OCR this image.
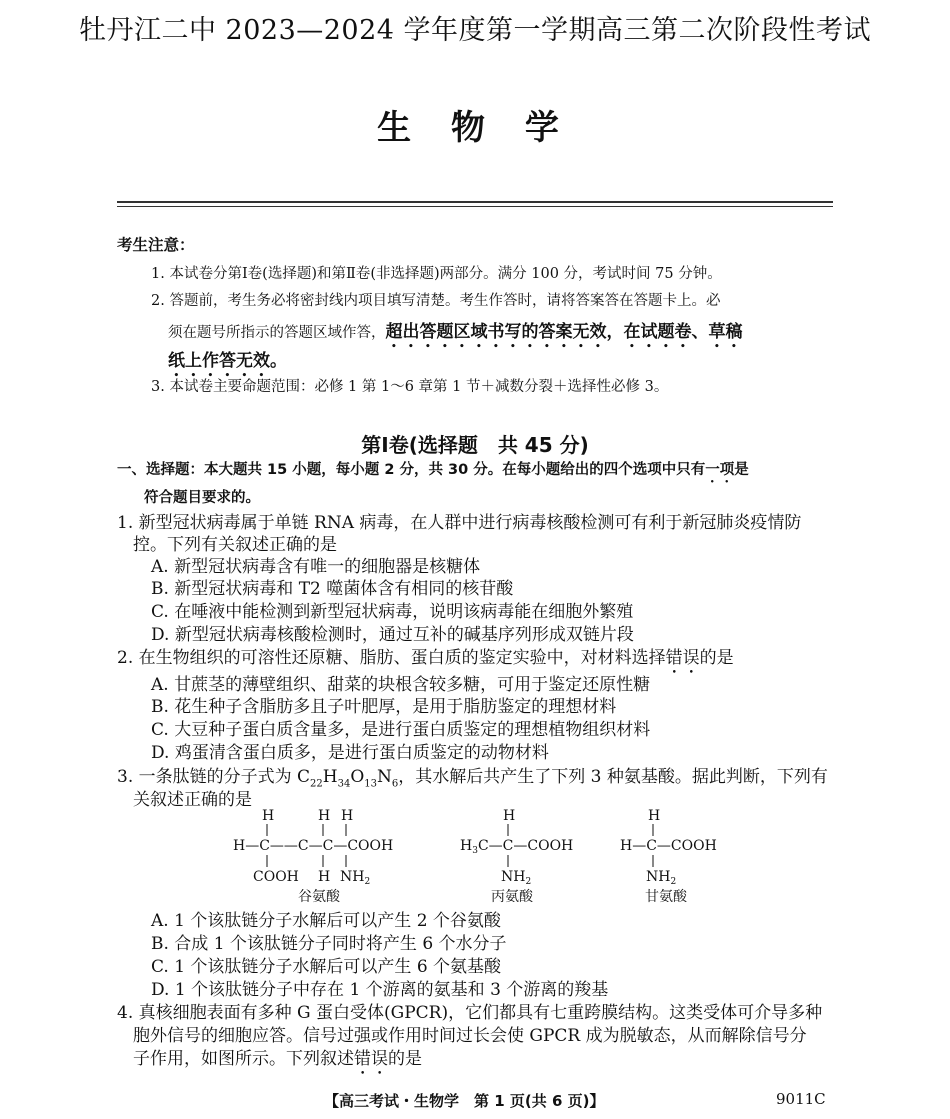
牡丹江二中 2023—2024 学年度第一学期高三第二次阶段性考试
生 物 学
考生注意：
1. 本试卷分第Ⅰ卷(选择题)和第Ⅱ卷(非选择题)两部分。满分 100 分，考试时间 75 分钟。
2. 答题前，考生务必将密封线内项目填写清楚。考生作答时，请将答案答在答题卡上。必
须在题号所指示的答题区域作答，超出答题区域书写的答案无效，在试题卷、草稿
纸上作答无效。
3. 本试卷主要命题范围：必修 1 第 1～6 章第 1 节＋减数分裂＋选择性必修 3。
第Ⅰ卷(选择题　共 45 分)
一、选择题：本大题共 15 小题，每小题 2 分，共 30 分。在每小题给出的四个选项中只有一项是
符合题目要求的。
1. 新型冠状病毒属于单链 RNA 病毒，在人群中进行病毒核酸检测可有利于新冠肺炎疫情防
控。下列有关叙述正确的是
A. 新型冠状病毒含有唯一的细胞器是核糖体
B. 新型冠状病毒和 T2 噬菌体含有相同的核苷酸
C. 在唾液中能检测到新型冠状病毒，说明该病毒能在细胞外繁殖
D. 新型冠状病毒核酸检测时，通过互补的碱基序列形成双链片段
2. 在生物组织的可溶性还原糖、脂肪、蛋白质的鉴定实验中，对材料选择错误的是
A. 甘蔗茎的薄壁组织、甜菜的块根含较多糖，可用于鉴定还原性糖
B. 花生种子含脂肪多且子叶肥厚，是用于脂肪鉴定的理想材料
C. 大豆种子蛋白质含量多，是进行蛋白质鉴定的理想植物组织材料
D. 鸡蛋清含蛋白质多，是进行蛋白质鉴定的动物材料
3. 一条肽链的分子式为 $C_{22}H_{34}O_{13}N_6$，其水解后共产生了下列 3 种氨基酸。据此判断，下列有
关叙述正确的是
H	H H
H—C——C—C—COOH
COOH H $NH_2$
谷氨酸
H
$H_3C—C—COOH$
$NH_2$
丙氨酸
H
H—C—COOH
$NH_2$
甘氨酸
A. 1 个该肽链分子水解后可以产生 2 个谷氨酸
B. 合成 1 个该肽链分子同时将产生 6 个水分子
C. 1 个该肽链分子水解后可以产生 6 个氨基酸
D. 1 个该肽链分子中存在 1 个游离的氨基和 3 个游离的羧基
4. 真核细胞表面有多种 G 蛋白受体(GPCR)，它们都具有七重跨膜结构。这类受体可介导多种
胞外信号的细胞应答。信号过强或作用时间过长会使 GPCR 成为脱敏态，从而解除信号分
子作用，如图所示。下列叙述错误的是
【高三考试・生物学　第 1 页(共 6 页)】	9011C
